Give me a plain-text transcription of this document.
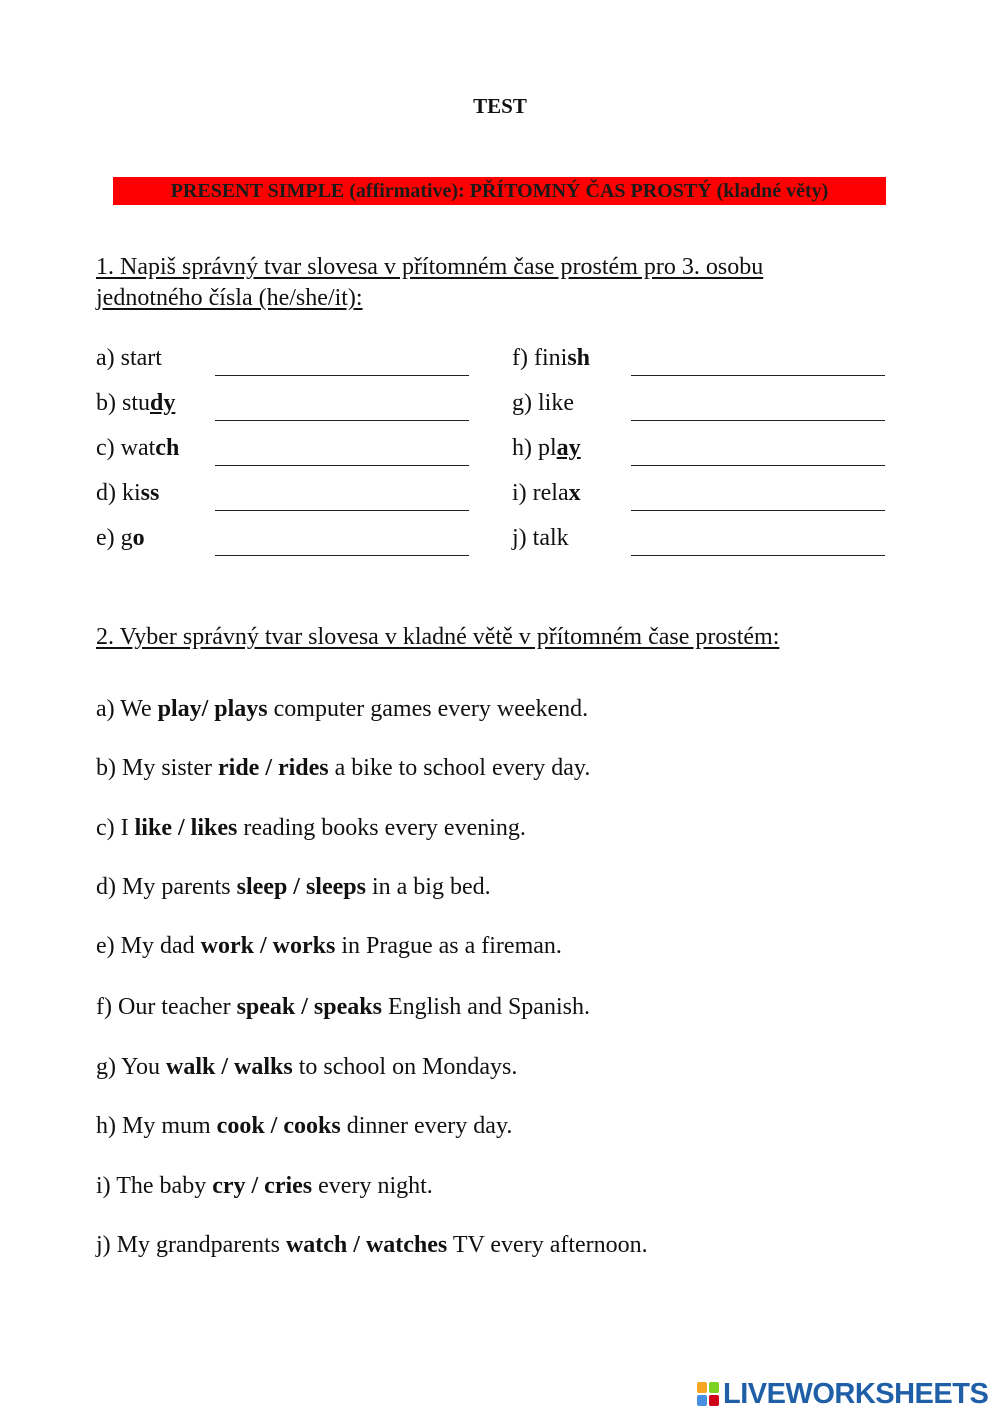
TEST
PRESENT SIMPLE (affirmative): PŘÍTOMNÝ ČAS PROSTÝ (kladné věty)
1. Napiš správný tvar slovesa v přítomném čase prostém pro 3. osobu jednotného čísla (he/she/it):
a) start	f) finish
b) study	g) like
c) watch	h) play
d) kiss	i) relax
e) go	j) talk
2. Vyber správný tvar slovesa v kladné větě v přítomném čase prostém:
a) We play/ plays computer games every weekend.
b) My sister ride / rides a bike to school every day.
c) I like / likes reading books every evening.
d) My parents sleep / sleeps in a big bed.
e) My dad work / works in Prague as a fireman.
f) Our teacher speak / speaks English and Spanish.
g) You walk / walks to school on Mondays.
h) My mum cook / cooks dinner every day.
i) The baby cry / cries every night.
j) My grandparents watch / watches TV every afternoon.
LIVEWORKSHEETS
